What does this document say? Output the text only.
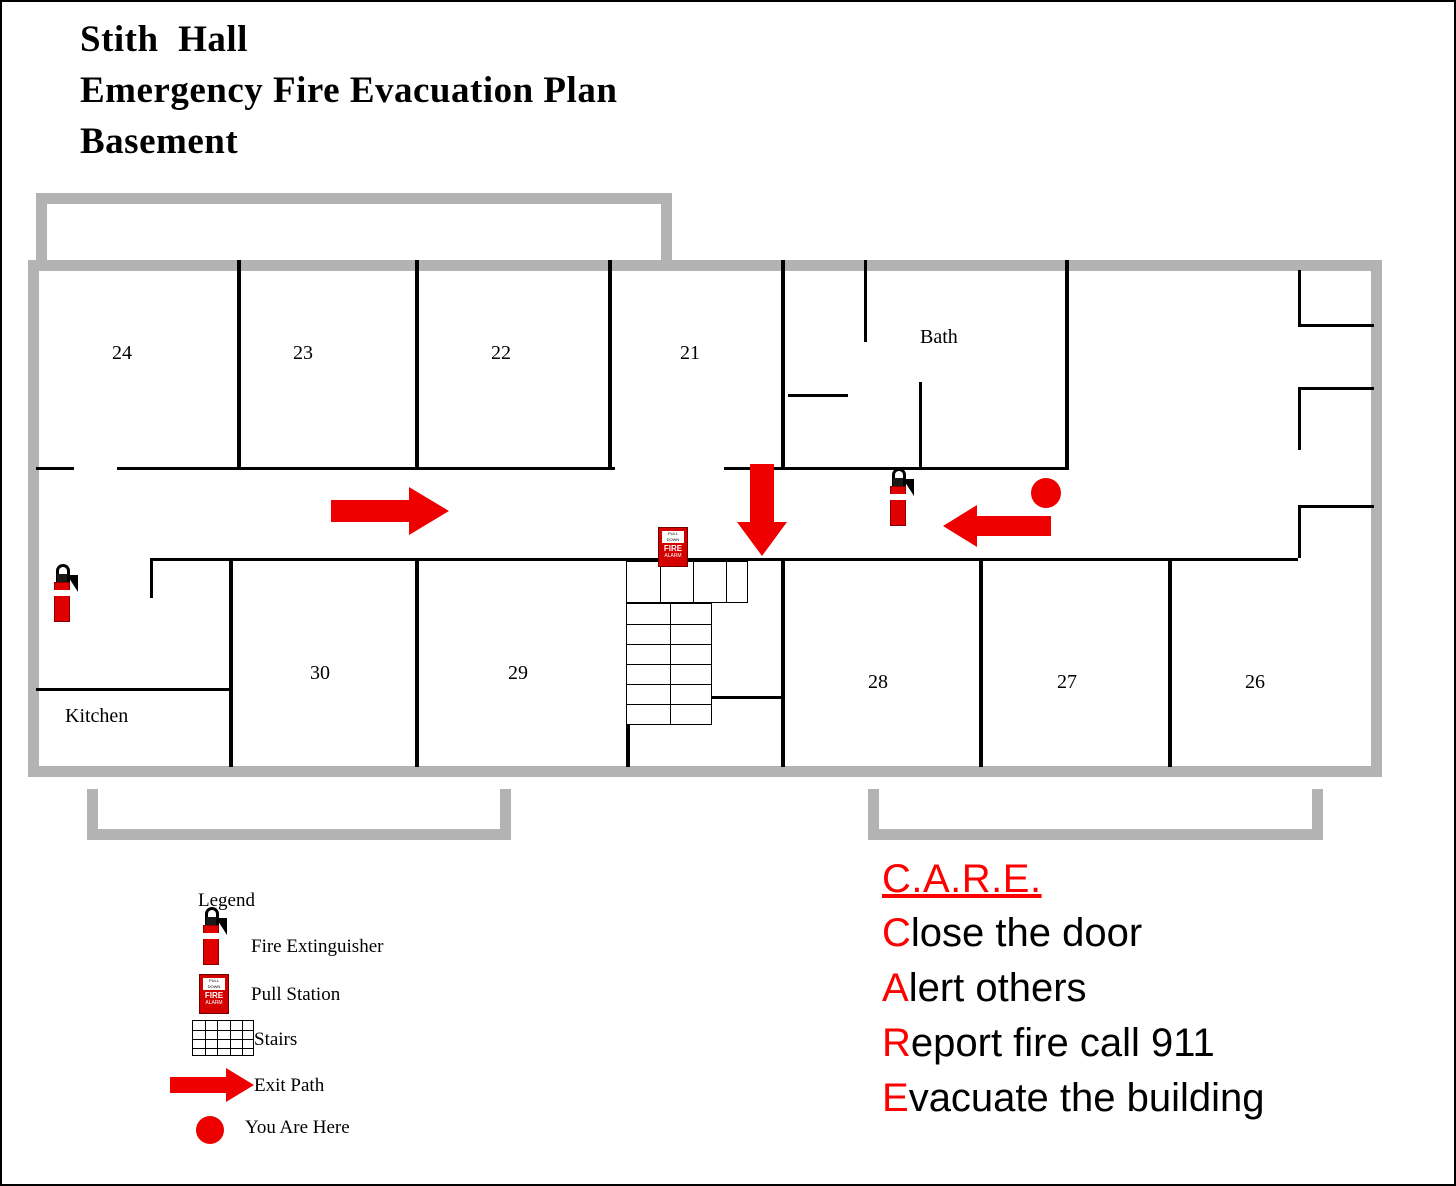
Stith  Hall
Emergency Fire Evacuation Plan
Basement
24	23	22	21
Bath
30	29	28	27	26
Kitchen
PULL DOWN
FIRE
ALARM
Legend
Fire Extinguisher
PULL DOWN
FIRE
ALARM Pull Station
Stairs
Exit Path
You Are Here
C.A.R.E.
Close the door
Alert others
Report fire call 911
Evacuate the building
